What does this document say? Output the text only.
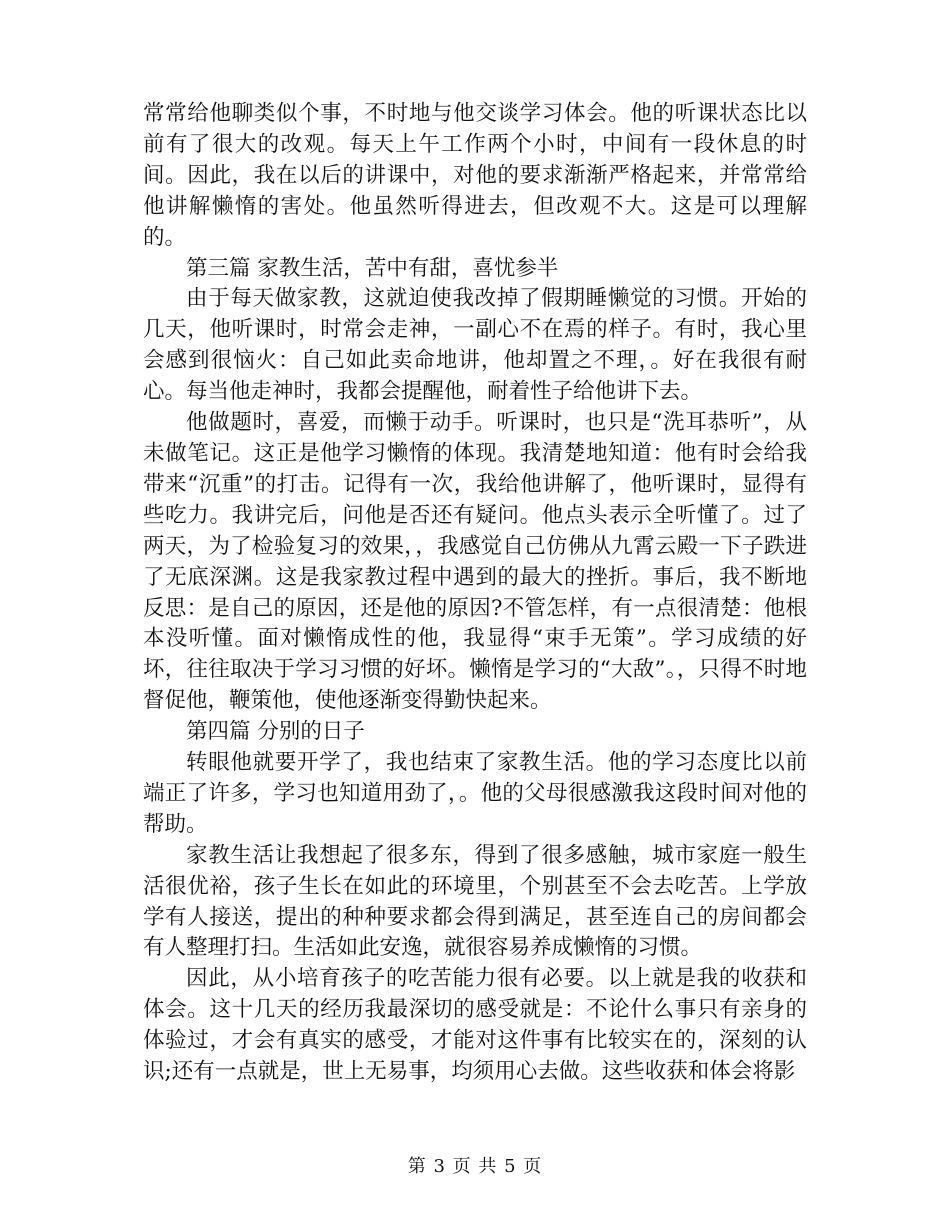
常常给他聊类似个事，不时地与他交谈学习体会。他的听课状态比以前有了很大的改观。每天上午工作两个小时，中间有一段休息的时间。因此，我在以后的讲课中，对他的要求渐渐严格起来，并常常给他讲解懒惰的害处。他虽然听得进去，但改观不大。这是可以理解的。

第三篇 家教生活，苦中有甜，喜忧参半

由于每天做家教，这就迫使我改掉了假期睡懒觉的习惯。开始的几天，他听课时，时常会走神，一副心不在焉的样子。有时，我心里会感到很恼火：自己如此卖命地讲，他却置之不理，。好在我很有耐心。每当他走神时，我都会提醒他，耐着性子给他讲下去。

他做题时，喜爱，而懒于动手。听课时，也只是“洗耳恭听”，从未做笔记。这正是他学习懒惰的体现。我清楚地知道：他有时会给我带来“沉重”的打击。记得有一次，我给他讲解了，他听课时，显得有些吃力。我讲完后，问他是否还有疑问。他点头表示全听懂了。过了两天，为了检验复习的效果，，我感觉自己仿佛从九霄云殿一下子跌进了无底深渊。这是我家教过程中遇到的最大的挫折。事后，我不断地反思：是自己的原因，还是他的原因?不管怎样，有一点很清楚：他根本没听懂。面对懒惰成性的他，我显得“束手无策”。学习成绩的好坏，往往取决于学习习惯的好坏。懒惰是学习的“大敌”。，只得不时地督促他，鞭策他，使他逐渐变得勤快起来。

第四篇 分别的日子

转眼他就要开学了，我也结束了家教生活。他的学习态度比以前端正了许多，学习也知道用劲了，。他的父母很感激我这段时间对他的帮助。

家教生活让我想起了很多东，得到了很多感触，城市家庭一般生活很优裕，孩子生长在如此的环境里，个别甚至不会去吃苦。上学放学有人接送，提出的种种要求都会得到满足，甚至连自己的房间都会有人整理打扫。生活如此安逸，就很容易养成懒惰的习惯。

因此，从小培育孩子的吃苦能力很有必要。以上就是我的收获和体会。这十几天的经历我最深切的感受就是：不论什么事只有亲身的体验过，才会有真实的感受，才能对这件事有比较实在的，深刻的认识;还有一点就是，世上无易事，均须用心去做。这些收获和体会将影

第 3 页 共 5 页
